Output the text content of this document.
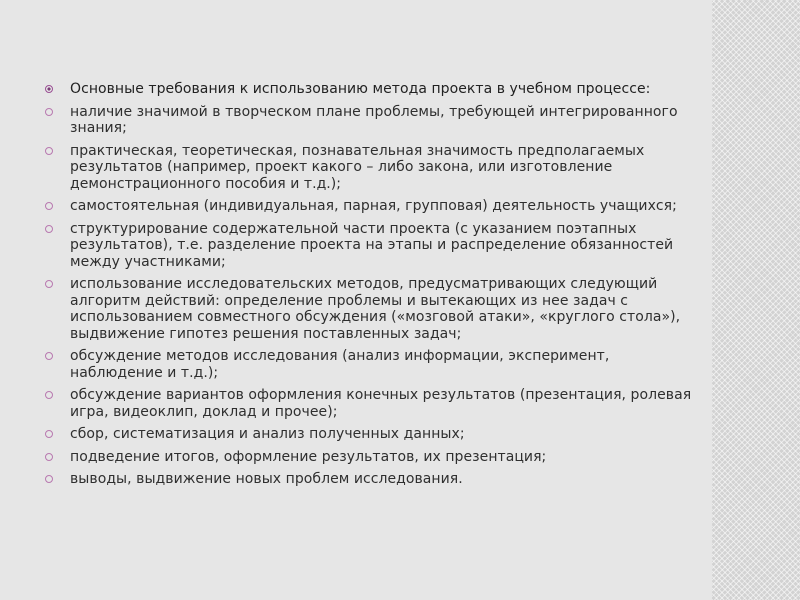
Основные требования к использованию метода проекта в учебном процессе:
наличие значимой в творческом плане проблемы, требующей интегрированного знания;
практическая, теоретическая, познавательная значимость предполагаемых результатов (например, проект какого – либо закона, или изготовление демонстрационного пособия и т.д.);
самостоятельная (индивидуальная, парная, групповая) деятельность учащихся;
структурирование содержательной части проекта (с указанием поэтапных результатов), т.е. разделение проекта на этапы и распределение обязанностей между участниками;
использование исследовательских методов, предусматривающих следующий алгоритм действий: определение проблемы и вытекающих из нее задач с использованием совместного обсуждения («мозговой атаки», «круглого стола»), выдвижение гипотез решения поставленных задач;
обсуждение методов исследования (анализ информации, эксперимент, наблюдение и т.д.);
обсуждение вариантов оформления конечных результатов (презентация, ролевая игра, видеоклип, доклад и прочее);
сбор, систематизация и анализ полученных данных;
подведение итогов, оформление результатов, их презентация;
выводы, выдвижение новых проблем исследования.
